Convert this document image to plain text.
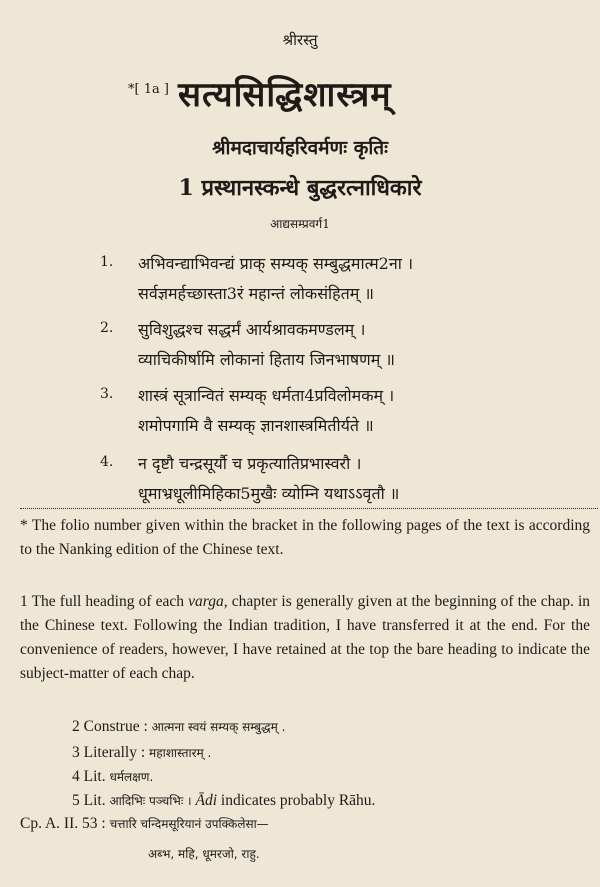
श्रीरस्तु
*[ 1a ] सत्यसिद्धिशास्त्रम्
श्रीमदाचार्यहरिवर्मणः कृतिः
1 प्रस्थानस्कन्धे बुद्धरत्नाधिकारे
आद्यसम्प्रवर्ग1
1. अभिवन्द्याभिवन्द्यं प्राक् सम्यक् सम्बुद्धमात्म2ना ।
सर्वज्ञमर्हच्छास्ता3रं महान्तं लोकसंहितम् ॥
2. सुविशुद्धश्च सद्धर्मं आर्यश्रावकमण्डलम् ।
व्याचिकीर्षामि लोकानां हिताय जिनभाषणम् ॥
3. शास्त्रं सूत्रान्वितं सम्यक् धर्मता4प्रविलोमकम् ।
शमोपगामि वै सम्यक् ज्ञानशास्त्रमितीर्यते ॥
4. न दृष्टौ चन्द्रसूर्यौ च प्रकृत्यातिप्रभास्वरौ ।
धूमाभ्रधूलीमिहिका5मुखैः व्योम्नि यथाऽऽवृतौ ॥
* The folio number given within the bracket in the following pages of the text is according to the Nanking edition of the Chinese text.
1 The full heading of each varga, chapter is generally given at the beginning of the chap. in the Chinese text. Following the Indian tradition, I have transferred it at the end. For the convenience of readers, however, I have retained at the top the bare heading to indicate the subject-matter of each chap.
2 Construe : आत्मना स्वयं सम्यक् सम्बुद्धम् .
3 Literally : महाशास्तारम् .
4 Lit. धर्मलक्षण.
5 Lit. आदिभिः पञ्चभिः । Ādi indicates probably Rāhu.
Cp. A. II. 53 : चत्तारि चन्दिमसूरियानं उपक्किलेसा—
अब्भ, महि, धूमरजो, राहु.
